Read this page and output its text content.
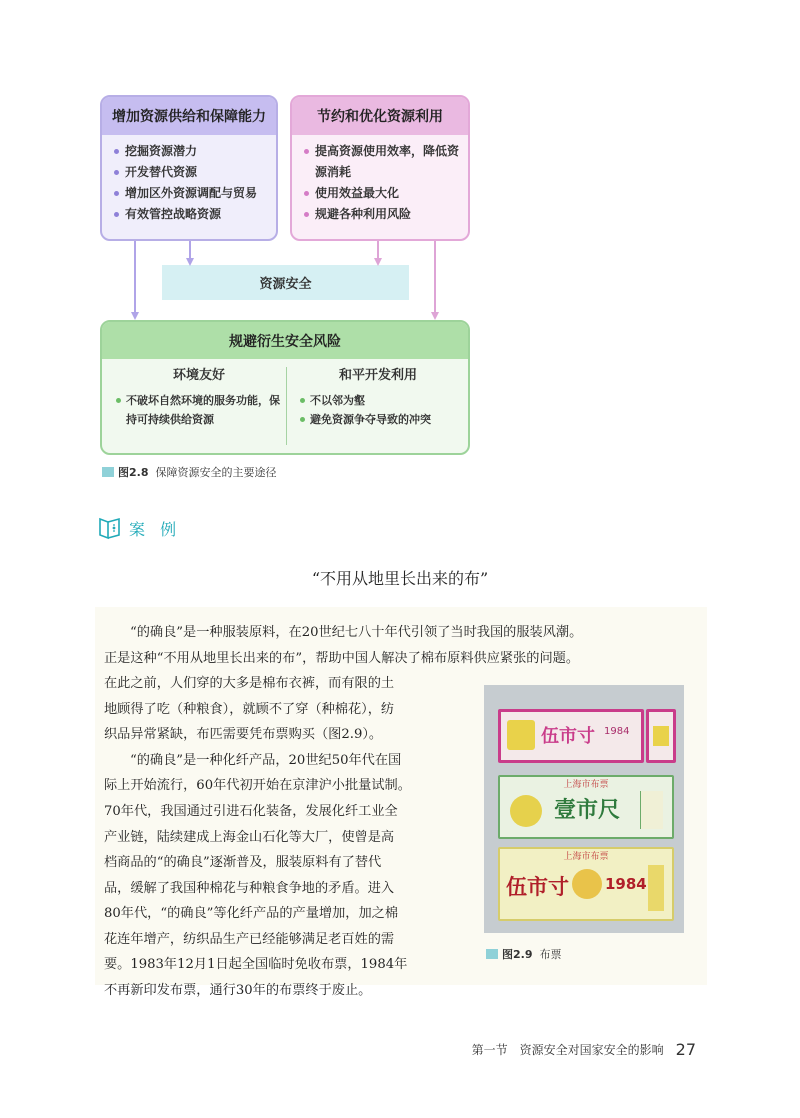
增加资源供给和保障能力
挖掘资源潜力
开发替代资源
增加区外资源调配与贸易
有效管控战略资源
节约和优化资源利用
提高资源使用效率，降低资源消耗
使用效益最大化
规避各种利用风险
资源安全
规避衍生安全风险
环境友好
不破坏自然环境的服务功能，保持可持续供给资源
和平开发利用
不以邻为壑
避免资源争夺导致的冲突
图2.8 保障资源安全的主要途径
案 例
“不用从地里长出来的布”
“的确良”是一种服装原料，在20世纪七八十年代引领了当时我国的服装风潮。
正是这种“不用从地里长出来的布”，帮助中国人解决了棉布原料供应紧张的问题。
在此之前，人们穿的大多是棉布衣裤，而有限的土
地顾得了吃（种粮食），就顾不了穿（种棉花），纺
织品异常紧缺，布匹需要凭布票购买（图2.9）。
“的确良”是一种化纤产品，20世纪50年代在国
际上开始流行，60年代初开始在京津沪小批量试制。
70年代，我国通过引进石化装备，发展化纤工业全
产业链，陆续建成上海金山石化等大厂，使曾是高
档商品的“的确良”逐渐普及，服装原料有了替代
品，缓解了我国种棉花与种粮食争地的矛盾。进入
80年代，“的确良”等化纤产品的产量增加，加之棉
花连年增产，纺织品生产已经能够满足老百姓的需
要。1983年12月1日起全国临时免收布票，1984年
不再新印发布票，通行30年的布票终于废止。
伍市寸 1984
上海市布票
壹市尺
上海市布票
伍市寸 1984
图2.9 布票
第一节　资源安全对国家安全的影响 27
